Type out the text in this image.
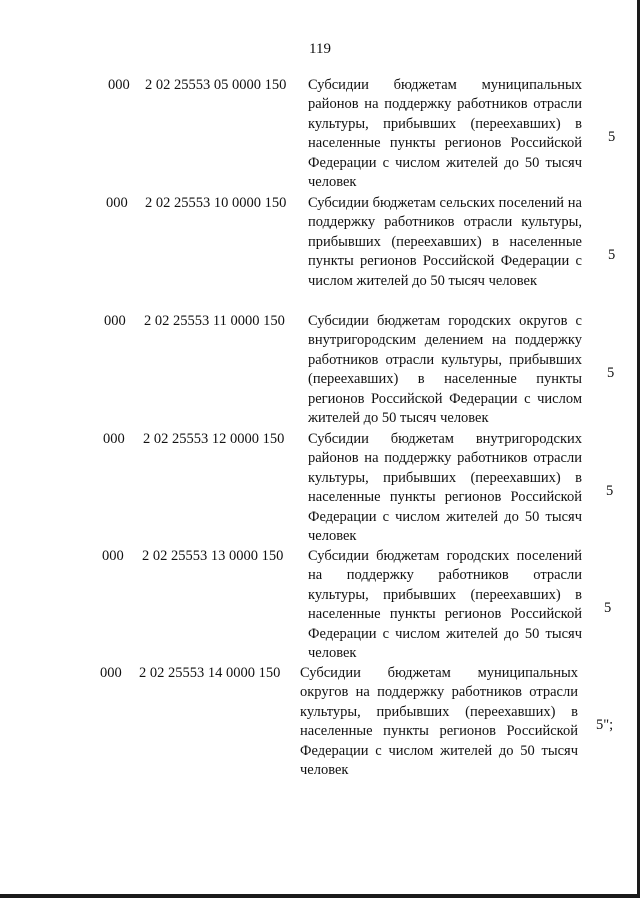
119
000 2 02 25553 05 0000 150 Субсидии бюджетам муниципальных районов на поддержку работников отрасли культуры, прибывших (переехавших) в населенные пункты регионов Российской Федерации с числом жителей до 50 тысяч человек
5
000 2 02 25553 10 0000 150 Субсидии бюджетам сельских поселений на поддержку работников отрасли культуры, прибывших (переехавших) в населенные пункты регионов Российской Федерации с числом жителей до 50 тысяч человек
5
000 2 02 25553 11 0000 150 Субсидии бюджетам городских округов с внутригородским делением на поддержку работников отрасли культуры, прибывших (переехавших) в населенные пункты регионов Российской Федерации с числом жителей до 50 тысяч человек
5
000 2 02 25553 12 0000 150 Субсидии бюджетам внутригородских районов на поддержку работников отрасли культуры, прибывших (переехавших) в населенные пункты регионов Российской Федерации с числом жителей до 50 тысяч человек
5
000 2 02 25553 13 0000 150 Субсидии бюджетам городских поселений на поддержку работников отрасли культуры, прибывших (переехавших) в населенные пункты регионов Российской Федерации с числом жителей до 50 тысяч человек
5
000 2 02 25553 14 0000 150 Субсидии бюджетам муниципальных округов на поддержку работников отрасли культуры, прибывших (переехавших) в населенные пункты регионов Российской Федерации с числом жителей до 50 тысяч человек
5";
